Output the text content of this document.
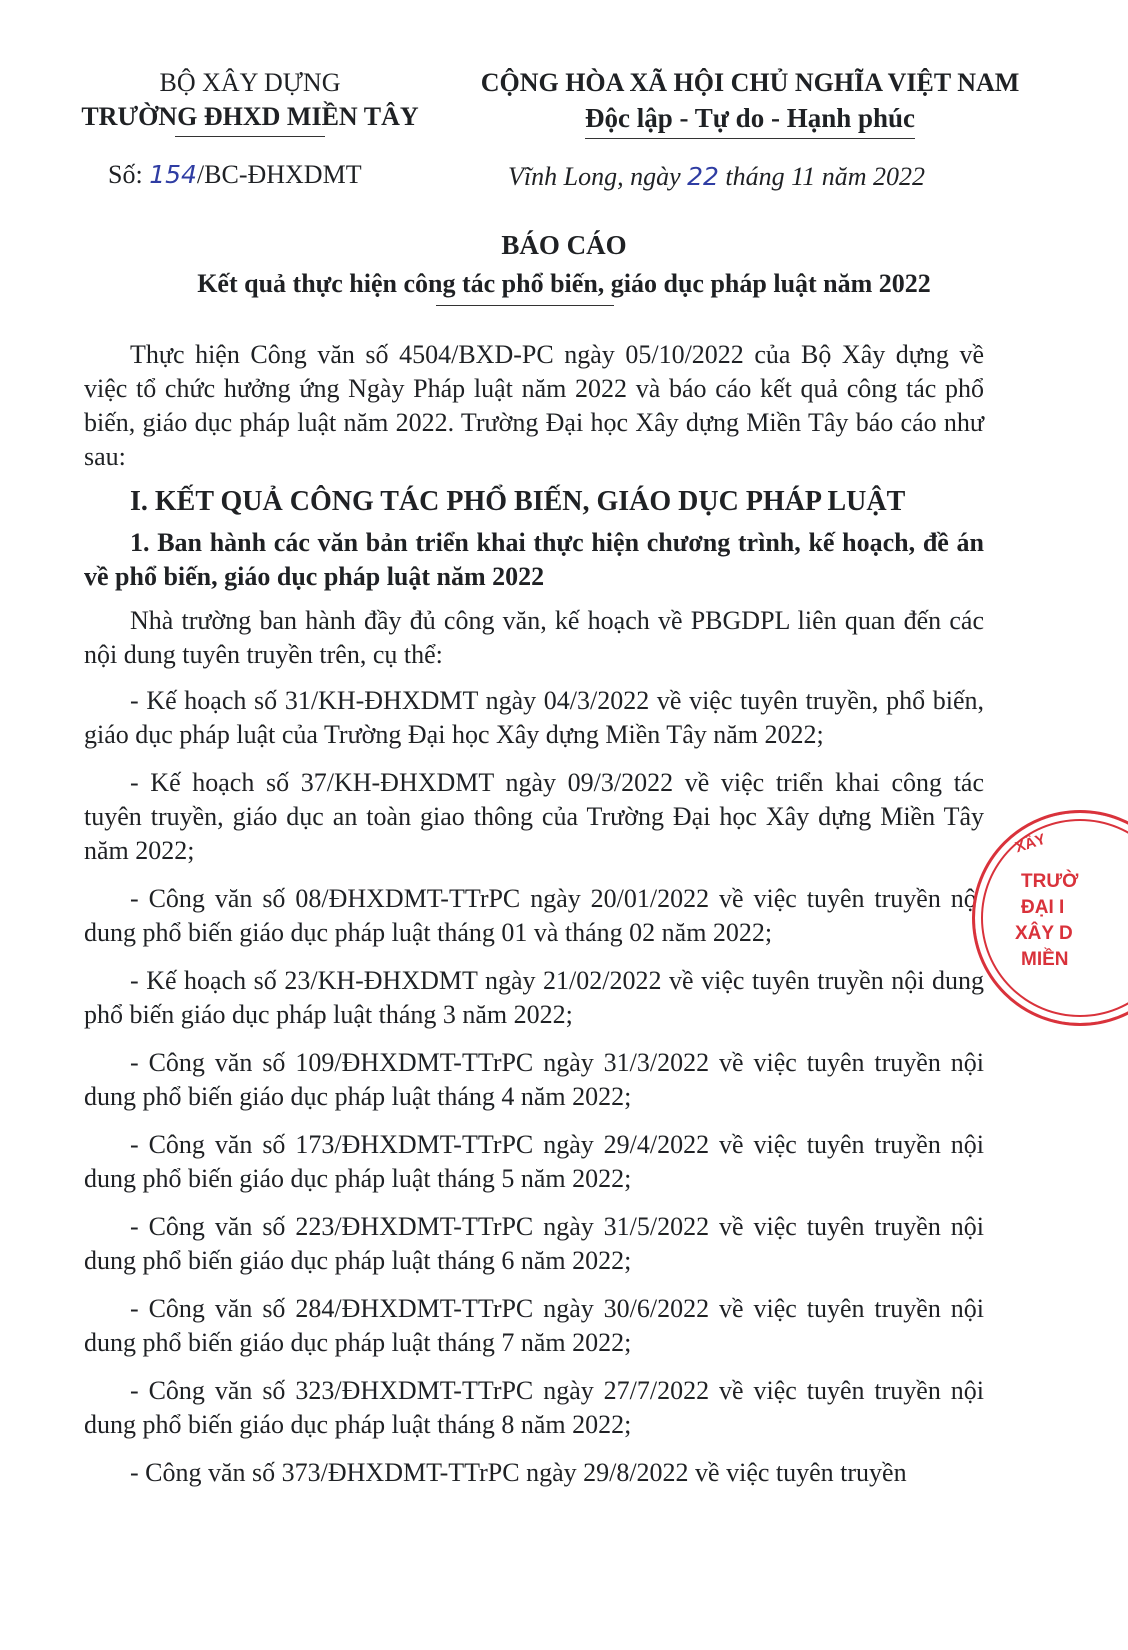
BỘ XÂY DỰNG
TRƯỜNG ĐHXD MIỀN TÂY
CỘNG HÒA XÃ HỘI CHỦ NGHĨA VIỆT NAM
Độc lập - Tự do - Hạnh phúc
Số: 154/BC-ĐHXDMT	Vĩnh Long, ngày 22 tháng 11 năm 2022
BÁO CÁO
Kết quả thực hiện công tác phổ biến, giáo dục pháp luật năm 2022

Thực hiện Công văn số 4504/BXD-PC ngày 05/10/2022 của Bộ Xây dựng về việc tổ chức hưởng ứng Ngày Pháp luật năm 2022 và báo cáo kết quả công tác phổ biến, giáo dục pháp luật năm 2022. Trường Đại học Xây dựng Miền Tây báo cáo như sau:

I. KẾT QUẢ CÔNG TÁC PHỔ BIẾN, GIÁO DỤC PHÁP LUẬT

1. Ban hành các văn bản triển khai thực hiện chương trình, kế hoạch, đề án về phổ biến, giáo dục pháp luật năm 2022

Nhà trường ban hành đầy đủ công văn, kế hoạch về PBGDPL liên quan đến các nội dung tuyên truyền trên, cụ thể:

- Kế hoạch số 31/KH-ĐHXDMT ngày 04/3/2022 về việc tuyên truyền, phổ biến, giáo dục pháp luật của Trường Đại học Xây dựng Miền Tây năm 2022;

- Kế hoạch số 37/KH-ĐHXDMT ngày 09/3/2022 về việc triển khai công tác tuyên truyền, giáo dục an toàn giao thông của Trường Đại học Xây dựng Miền Tây năm 2022;

- Công văn số 08/ĐHXDMT-TTrPC ngày 20/01/2022 về việc tuyên truyền nội dung phổ biến giáo dục pháp luật tháng 01 và tháng 02 năm 2022;

- Kế hoạch số 23/KH-ĐHXDMT ngày 21/02/2022 về việc tuyên truyền nội dung phổ biến giáo dục pháp luật tháng 3 năm 2022;

- Công văn số 109/ĐHXDMT-TTrPC ngày 31/3/2022 về việc tuyên truyền nội dung phổ biến giáo dục pháp luật tháng 4 năm 2022;

- Công văn số 173/ĐHXDMT-TTrPC ngày 29/4/2022 về việc tuyên truyền nội dung phổ biến giáo dục pháp luật tháng 5 năm 2022;

- Công văn số 223/ĐHXDMT-TTrPC ngày 31/5/2022 về việc tuyên truyền nội dung phổ biến giáo dục pháp luật tháng 6 năm 2022;

- Công văn số 284/ĐHXDMT-TTrPC ngày 30/6/2022 về việc tuyên truyền nội dung phổ biến giáo dục pháp luật tháng 7 năm 2022;

- Công văn số 323/ĐHXDMT-TTrPC ngày 27/7/2022 về việc tuyên truyền nội dung phổ biến giáo dục pháp luật tháng 8 năm 2022;

- Công văn số 373/ĐHXDMT-TTrPC ngày 29/8/2022 về việc tuyên truyền

XÂY
TRƯỜ
ĐẠI I
XÂY D
MIỀN
